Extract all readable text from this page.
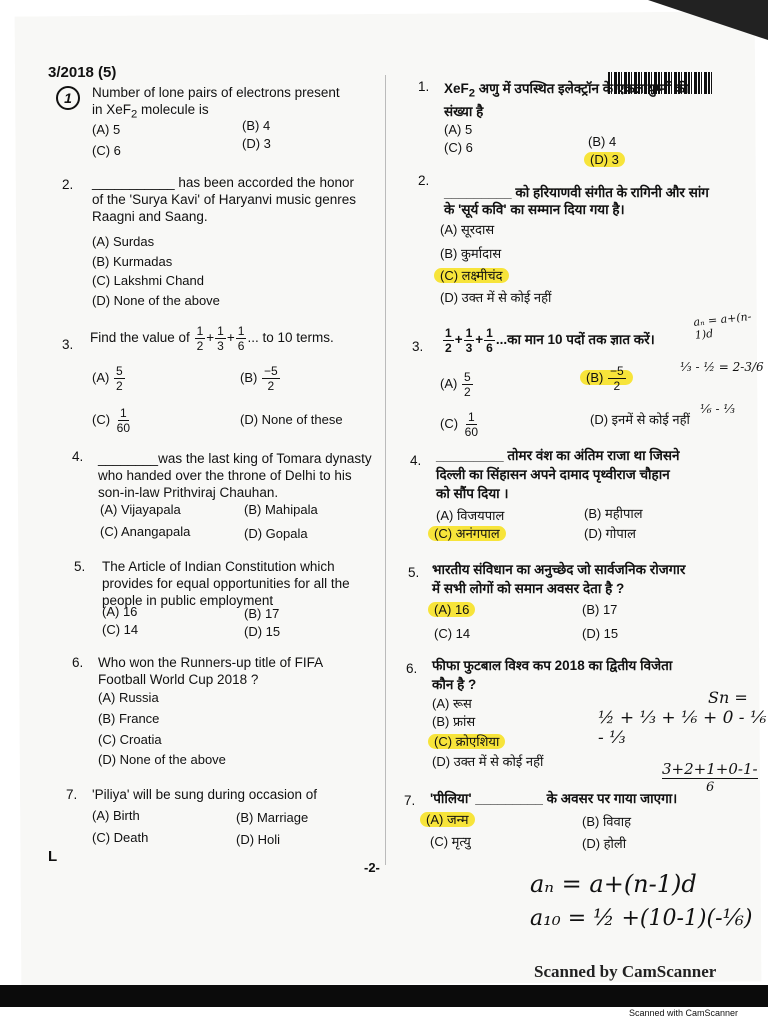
3/2018 (5)
1	Number of lone pairs of electrons present
in XeF$_2$ molecule is
(A) 5	(B) 4
(C) 6	(D) 3
2. ___________ has been accorded the honor
of the 'Surya Kavi' of Haryanvi music genres
Raagni and Saang.
(A) Surdas
(B) Kurmadas
(C) Lakshmi Chand
(D) None of the above
3. Find the value of $\frac{1}{2} + \frac{1}{3} + \frac{1}{6}$ ... to 10 terms.
$(A) \frac{5}{2}$	$(B) \frac{-5}{2}$
$(C) \frac{1}{60}$	(D) None of these
4. ________was the last king of Tomara dynasty
who handed over the throne of Delhi to his
son-in-law Prithviraj Chauhan.
(A) Vijayapala	(B) Mahipala
(C) Anangapala	(D) Gopala
5. The Article of Indian Constitution which
provides for equal opportunities for all the
people in public employment
(A) 16	(B) 17
(C) 14	(D) 15
6. Who won the Runners-up title of FIFA
Football World Cup 2018 ?
(A) Russia
(B) France
(C) Croatia
(D) None of the above
7. 'Piliya' will be sung during occasion of
(A) Birth	(B) Marriage
(C) Death	(D) Holi
L
-2-
1. XeF$_2$ अणु में उपस्थित इलेक्ट्रॉन के एकल युग्मों की
संख्या है
(A) 5
(B) 4
(C) 6
(D) 3
2.
_________ को हरियाणवी संगीत के रागिनी और सांग
के 'सूर्य कवि' का सम्मान दिया गया है।
(A) सूरदास
(B) कुर्मादास
(C) लक्ष्मीचंद
(D) उक्त में से कोई नहीं
3. $\frac{1}{2} + \frac{1}{3} + \frac{1}{6}$ ...का मान 10 पदों तक ज्ञात करें।
$(A) \frac{5}{2}$	$(B) \frac{-5}{2}$
$(C) \frac{1}{60}$	(D) इनमें से कोई नहीं
4. _________ तोमर वंश का अंतिम राजा था जिसने
दिल्ली का सिंहासन अपने दामाद पृथ्वीराज चौहान
को सौंप दिया ।
(A) विजयपाल	(B) महीपाल
(C) अनंगपाल	(D) गोपाल
5. भारतीय संविधान का अनुच्छेद जो सार्वजनिक रोजगार
में सभी लोगों को समान अवसर देता है ?
(A) 16	(B) 17
(C) 14	(D) 15
6. फीफा फुटबाल विश्व कप 2018 का द्वितीय विजेता
कौन है ?
(A) रूस
(B) फ्रांस
(C) क्रोएशिया
(D) उक्त में से कोई नहीं
7. 'पीलिया' _________ के अवसर पर गाया जाएगा।
(A) जन्म	(B) विवाह
(C) मृत्यु	(D) होली
aₙ = a+(n-1)d
⅓ - ½ = 2-3/6
⅙ - ⅓
Sn =
½ + ⅓ + ⅙ + 0 - ⅙ - ⅓
3+2+1+0-1-
6
aₙ = a+(n-1)d
a₁₀ = ½ +(10-1)(-⅙)
Scanned by CamScanner
Scanned with CamScanner
